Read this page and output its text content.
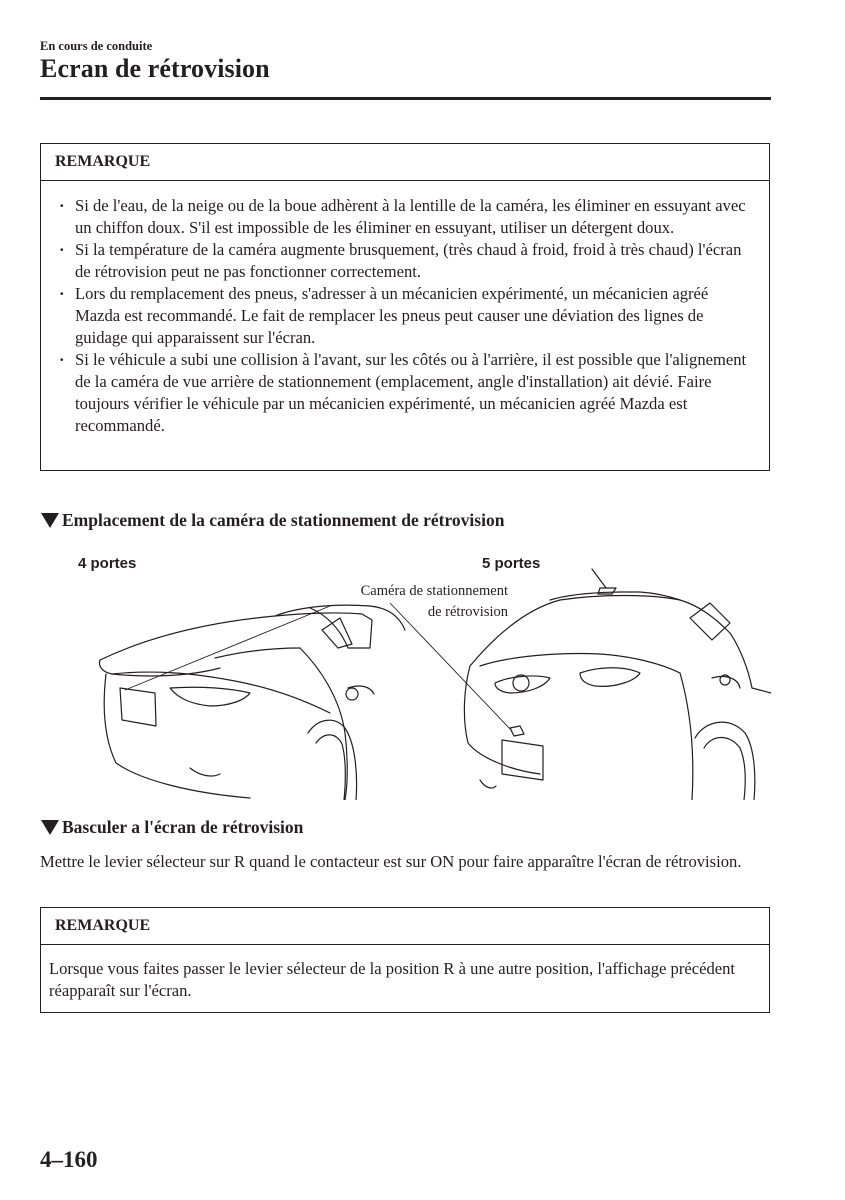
En cours de conduite
Ecran de rétrovision
REMARQUE
· Si de l'eau, de la neige ou de la boue adhèrent à la lentille de la caméra, les éliminer en essuyant avec un chiffon doux. S'il est impossible de les éliminer en essuyant, utiliser un détergent doux.
· Si la température de la caméra augmente brusquement, (très chaud à froid, froid à très chaud) l'écran de rétrovision peut ne pas fonctionner correctement.
· Lors du remplacement des pneus, s'adresser à un mécanicien expérimenté, un mécanicien agréé Mazda est recommandé. Le fait de remplacer les pneus peut causer une déviation des lignes de guidage qui apparaissent sur l'écran.
· Si le véhicule a subi une collision à l'avant, sur les côtés ou à l'arrière, il est possible que l'alignement de la caméra de vue arrière de stationnement (emplacement, angle d'installation) ait dévié. Faire toujours vérifier le véhicule par un mécanicien expérimenté, un mécanicien agréé Mazda est recommandé.
Emplacement de la caméra de stationnement de rétrovision
4 portes	5 portes
Caméra de stationnement
de rétrovision
Basculer a l'écran de rétrovision
Mettre le levier sélecteur sur R quand le contacteur est sur ON pour faire apparaître l'écran de rétrovision.
REMARQUE
Lorsque vous faites passer le levier sélecteur de la position R à une autre position, l'affichage précédent réapparaît sur l'écran.
4–160
